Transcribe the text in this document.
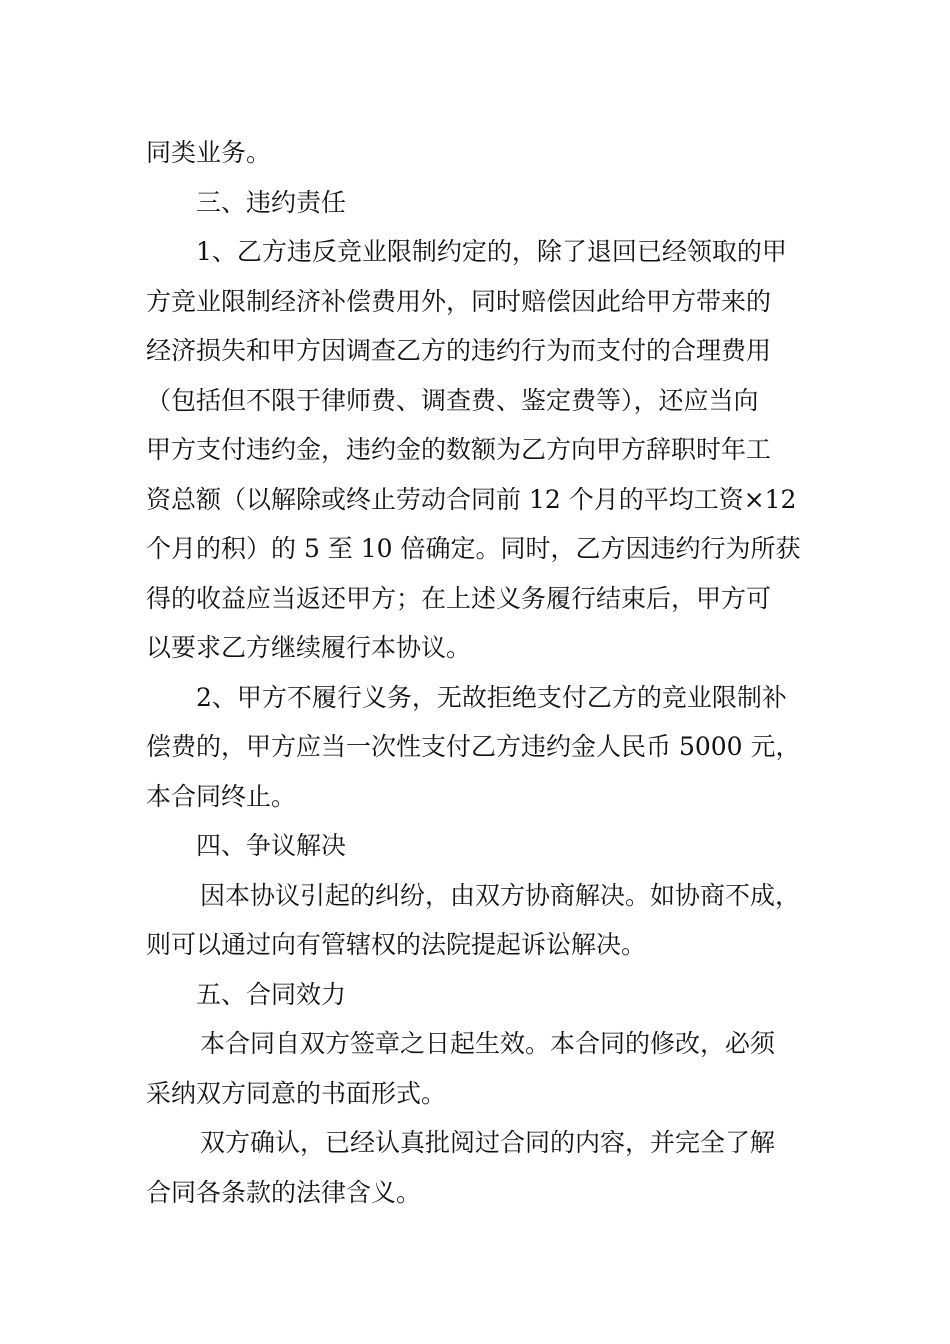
同类业务。
三、违约责任
1、乙方违反竞业限制约定的，除了退回已经领取的甲
方竞业限制经济补偿费用外，同时赔偿因此给甲方带来的
经济损失和甲方因调查乙方的违约行为而支付的合理费用
（包括但不限于律师费、调查费、鉴定费等），还应当向
甲方支付违约金，违约金的数额为乙方向甲方辞职时年工
资总额（以解除或终止劳动合同前 12 个月的平均工资×12
个月的积）的 5 至 10 倍确定。同时，乙方因违约行为所获
得的收益应当返还甲方；在上述义务履行结束后，甲方可
以要求乙方继续履行本协议。
2、甲方不履行义务，无故拒绝支付乙方的竞业限制补
偿费的，甲方应当一次性支付乙方违约金人民币 5000 元，
本合同终止。
四、争议解决
因本协议引起的纠纷，由双方协商解决。如协商不成，
则可以通过向有管辖权的法院提起诉讼解决。
五、合同效力
本合同自双方签章之日起生效。本合同的修改，必须
采纳双方同意的书面形式。
双方确认，已经认真批阅过合同的内容，并完全了解
合同各条款的法律含义。
